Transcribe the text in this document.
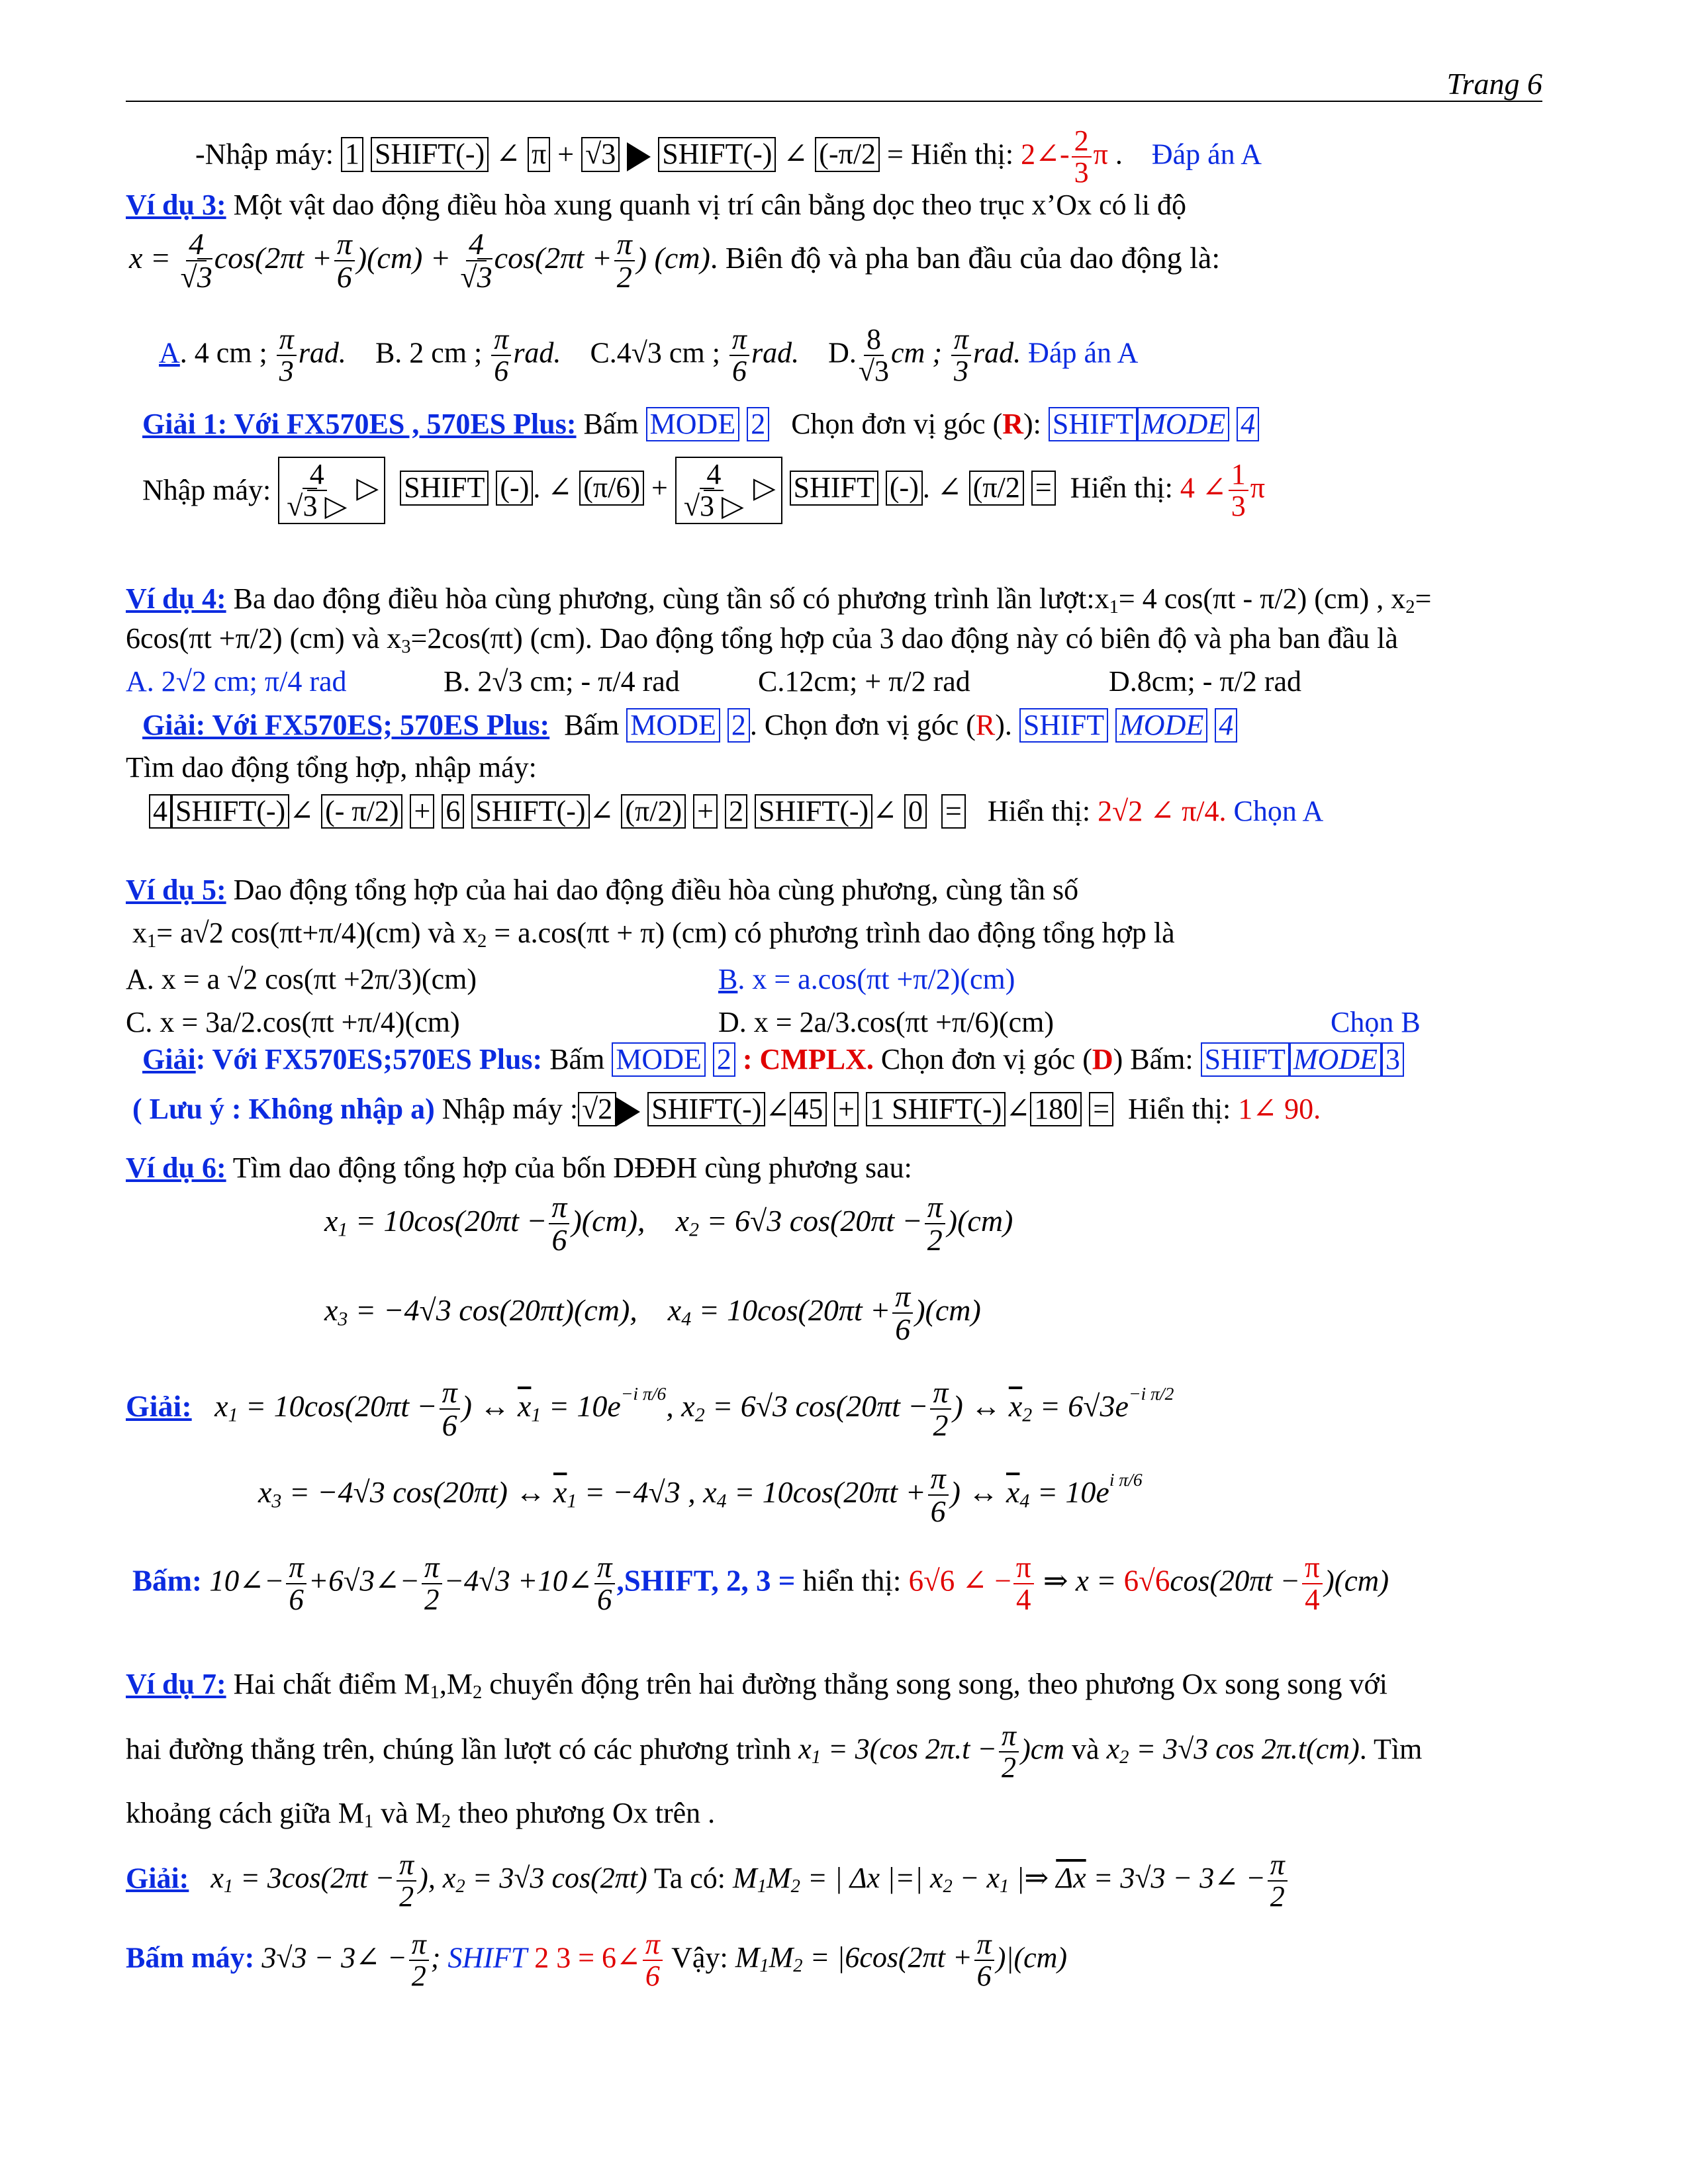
Trang 6
-Nhập máy: 1 SHIFT(-) ∠ π + √3 SHIFT(-) ∠ (-π/2 = Hiển thị: 2∠- $\frac{2}{3}$ π . Đáp án A
Ví dụ 3: Một vật dao động điều hòa xung quanh vị trí cân bằng dọc theo trục x’Ox có li độ
$x = \frac{4}{√3} \cos(2\pi t + \frac{\pi}{6} )(cm) + \frac{4}{√3} \cos(2\pi t + \frac{\pi}{2}$ ) (cm). Biên độ và pha ban đầu của dao động là:
A. 4 cm ; $\frac{\pi}{3}$ rad. B. 2 cm ; $\frac{\pi}{6}$ rad. C.4√3 cm ; $\frac{\pi}{6}$ rad. D. $\frac{8}{√3}$ cm ; $\frac{\pi}{3}$ rad. Đáp án A
Giải 1: Với FX570ES , 570ES Plus: Bấm MODE 2 Chọn đơn vị góc (R): SHIFT MODE 4
Nhập máy: $\frac{4}{√3 ▷}$ ▷ SHIFT (-) . ∠ $(\pi/6) + \frac{4}{√3 ▷}$ ▷ SHIFT (-) . ∠ (π/2 = Hiển thị: 4 ∠ $\frac{1}{3}$ π
Ví dụ 4: Ba dao động điều hòa cùng phương, cùng tần số có phương trình lần $lượt:x_1= 4$ cos(πt - π/2) (cm) , $x_2=$
6cos(πt +π/2) (cm) và $x_3=2\cos(\pi t)$ (cm). Dao động tổng hợp của 3 dao động này có biên độ và pha ban đầu là
A. 2√2 cm; π/4 rad	B. 2√3 cm; - π/4 rad	C.12cm; + π/2 rad	D.8cm; - π/2 rad
Giải: Với FX570ES; 570ES Plus: Bấm MODE 2 . Chọn đơn vị góc (R). SHIFT MODE 4
Tìm dao động tổng hợp, nhập máy:
4 SHIFT(-) ∠ (- π/2) + 6 SHIFT(-) ∠ (π/2) + 2 SHIFT(-) ∠ 0 = Hiển thị: 2√2 ∠ π/4. Chọn A
Ví dụ 5: Dao động tổng hợp của hai dao động điều hòa cùng phương, cùng tần số
$x_1= a√2$ cos(πt+π/4)(cm) và $x_2 = a.\cos(\pi t + \pi)$ (cm) có phương trình dao động tổng hợp là
A. x = a √2 cos(πt +2π/3)(cm)	B. x = a.cos(πt +π/2)(cm)
C. x = 3a/2.cos(πt +π/4)(cm)	D. x = 2a/3.cos(πt +π/6)(cm)	Chọn B
Giải: Với FX570ES;570ES Plus: Bấm MODE 2 : CMPLX. Chọn đơn vị góc (D) Bấm: SHIFT MODE 3
( Lưu ý : Không nhập a) Nhập máy : √2 SHIFT(-) ∠ 45 + 1 SHIFT(-) ∠ 180 = Hiển thị: 1∠ 90.
Ví dụ 6: Tìm dao động tổng hợp của bốn DĐĐH cùng phương sau:
$x_1 = 10\cos(20\pi t - \frac{\pi}{6} )(cm)$,    $x_2 = 6√3$ $\cos(20\pi t - \frac{\pi}{2} )(cm)$
$x_3 = -4√3$ cos(20πt)(cm),    $x_4 = 10\cos(20\pi t + \frac{\pi}{6} )(cm)$
Giải:   $x_1 = 10\cos(20\pi t - \frac{\pi}{6}$ ) ↔ $\overline{x}_1 = 10e^{-i \pi/6}$, $x_2 = 6√3$ $\cos(20\pi t - \frac{\pi}{2}$ ) ↔ $\overline{x}_2 = 6√3e^{-i \pi/2}$
$x_3 = -4√3$ cos(20πt) ↔ $\overline{x}_1 = -4√3$ , $x_4 = 10\cos(20\pi t + \frac{\pi}{6}$ ) ↔ $\overline{x}_4 = 10e^{i \pi/6}$
Bấm: 10∠− $\frac{\pi}{6}$ +6√3∠− $\frac{\pi}{2} -4√3$ +10∠ $\frac{\pi}{6}$ ,SHIFT, 2, 3 = hiển thị: 6√6 ∠ − $\frac{\pi}{4}$ ⇒ $x = 6√6\cos(20\pi t - \frac{\pi}{4} )(cm)$
Ví dụ 7: Hai chất điểm $M_1,M_2$ chuyển động trên hai đường thẳng song song, theo phương Ox song song với
hai đường thẳng trên, chúng lần lượt có các phương trình $x_1 = 3(\cos$ $2\pi.t - \frac{\pi}{2} )cm$ và $x_2 = 3√3$ cos 2π.t(cm). Tìm
khoảng cách giữa $M_1$ và $M_2$ theo phương Ox trên .
Giải: $x_1 = 3\cos(2\pi t - \frac{\pi}{2}$ ), $x_2 = 3√3$ cos(2πt) Ta có: $M_1M_2$ = | Δx |=| $x_2 - x_1$ |⇒ $\overline{\Delta x} = 3√3$ − 3∠ − $\frac{\pi}{2}$
Bấm máy: 3√3 − 3∠ − $\frac{\pi}{2}$ ; SHIFT 2 3 = 6∠ $\frac{\pi}{6}$ Vậy: $M_1M_2 = |6\cos(2\pi t + \frac{\pi}{6} )|(cm)$
